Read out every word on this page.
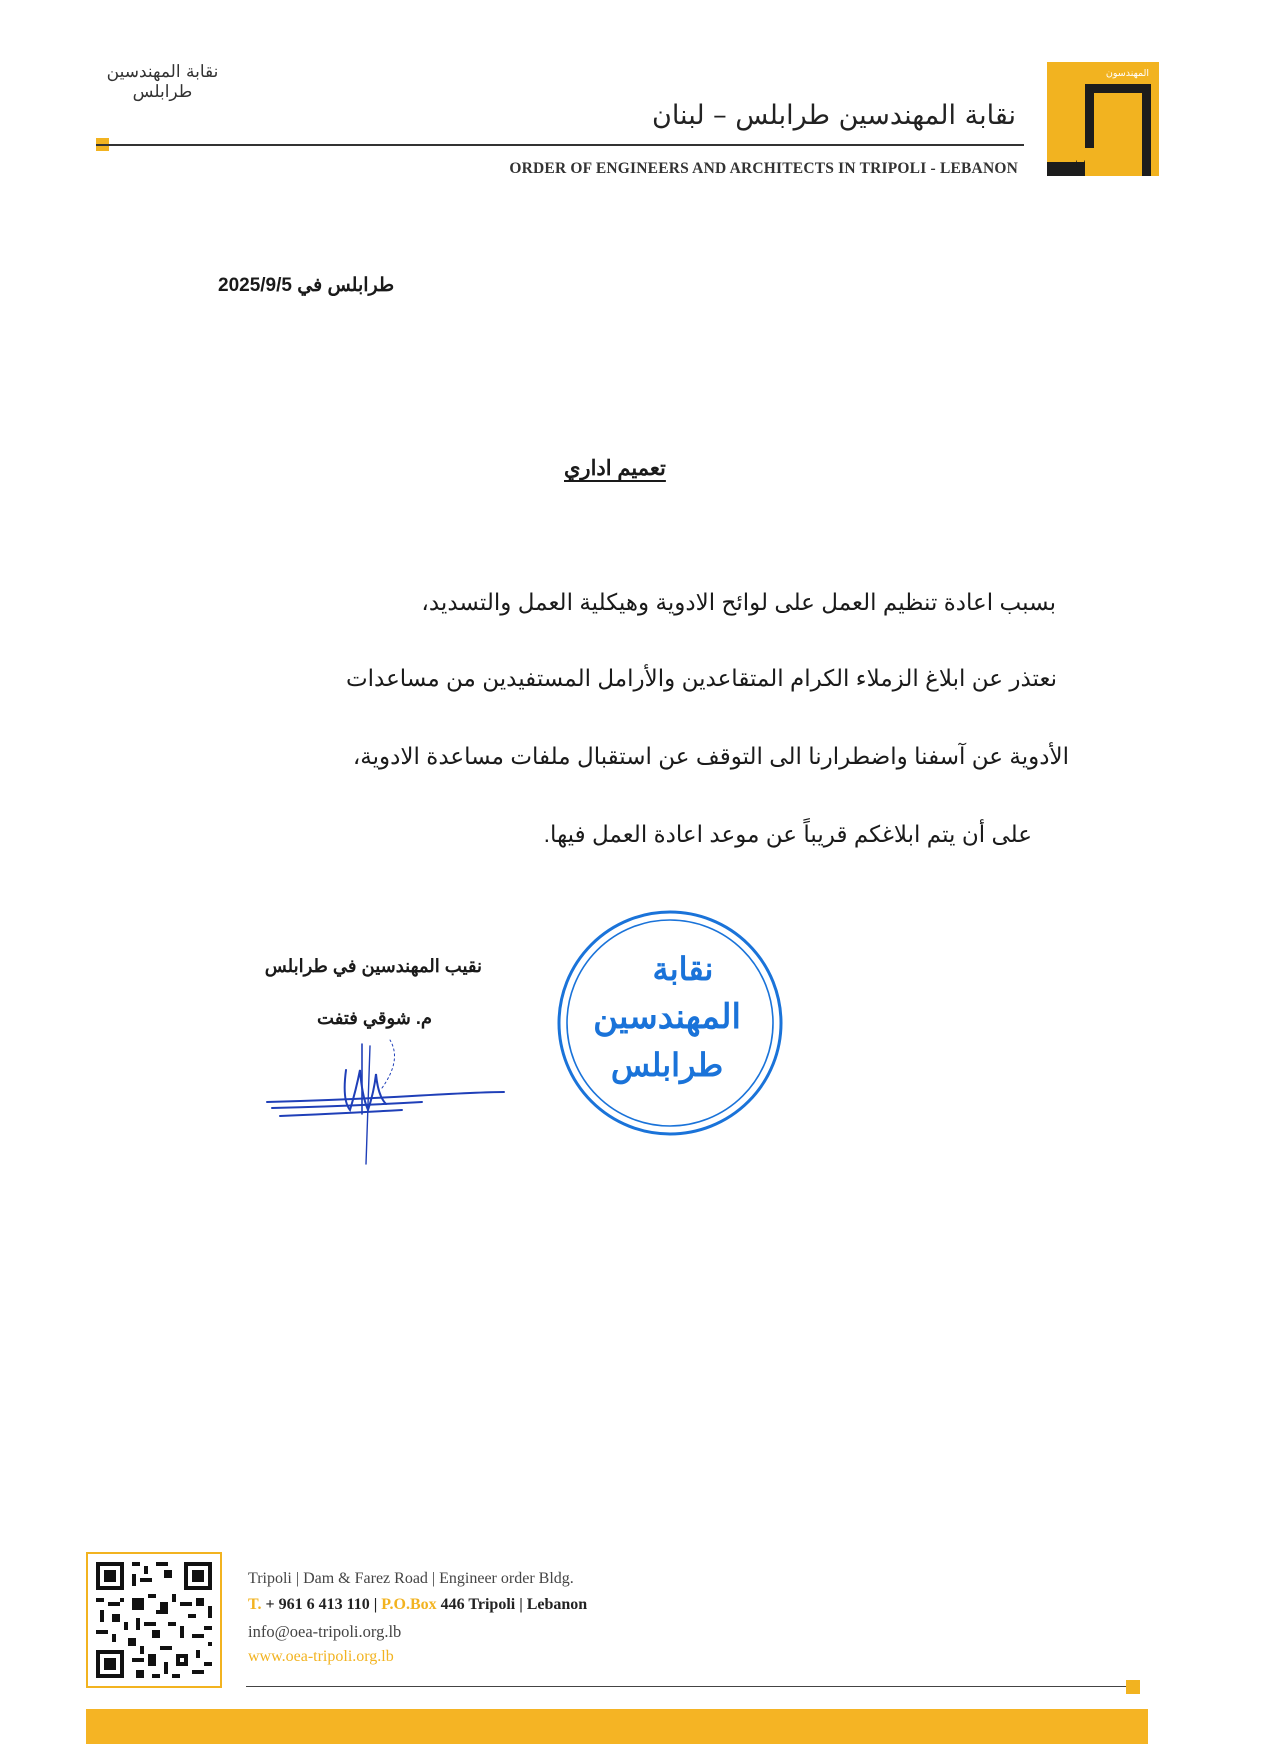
نقابة المهندسين طرابلس
نقابة المهندسين طرابلس – لبنان
ORDER OF ENGINEERS AND ARCHITECTS IN TRIPOLI - LEBANON
المهندسون
لبنان
طرابلس في 2025/9/5
تعميم اداري
بسبب اعادة تنظيم العمل على لوائح الادوية وهيكلية العمل والتسديد،
نعتذر عن ابلاغ الزملاء الكرام المتقاعدين والأرامل المستفيدين من مساعدات
الأدوية عن آسفنا واضطرارنا الى التوقف عن استقبال ملفات مساعدة الادوية،
على أن يتم ابلاغكم قريباً عن موعد اعادة العمل فيها.
نقيب المهندسين في طرابلس
م. شوقي فتفت
نقابة
المهندسين
طرابلس
Tripoli | Dam & Farez Road | Engineer order Bldg.
T. + 961 6 413 110 | P.O.Box 446 Tripoli | Lebanon
info@oea-tripoli.org.lb
www.oea-tripoli.org.lb
